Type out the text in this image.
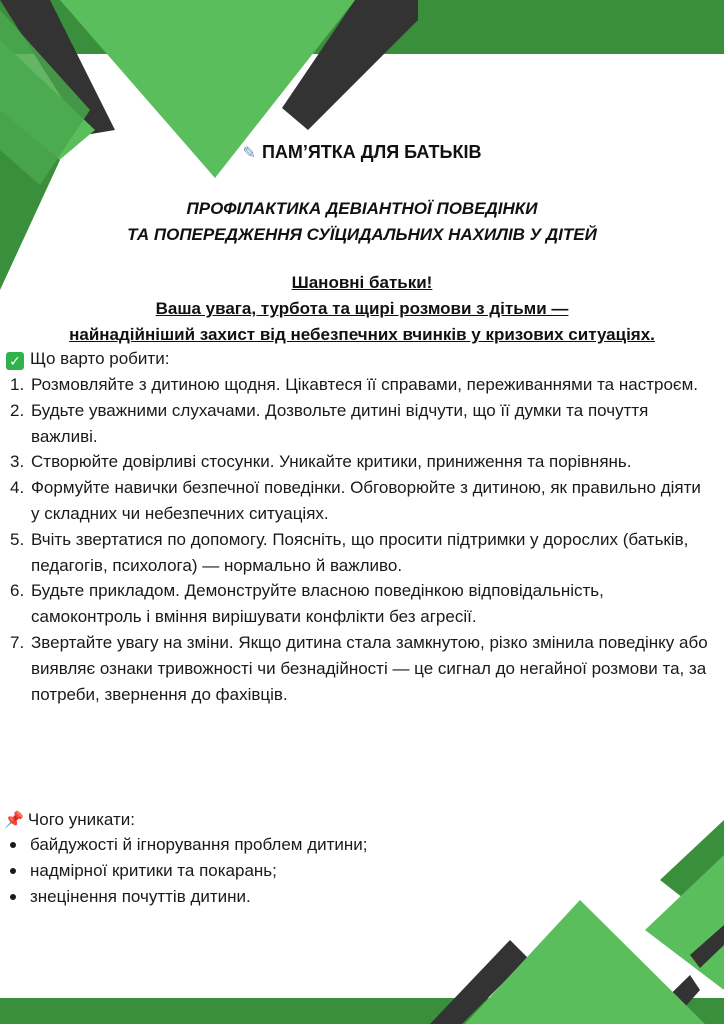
✎ ПАМ’ЯТКА ДЛЯ БАТЬКІВ
ПРОФІЛАКТИКА ДЕВІАНТНОЇ ПОВЕДІНКИ
ТА ПОПЕРЕДЖЕННЯ СУЇЦИДАЛЬНИХ НАХИЛІВ У ДІТЕЙ
Шановні батьки!
Ваша увага, турбота та щирі розмови з дітьми —
найнадійніший захист від небезпечних вчинків у кризових ситуаціях.
✓ Що варто робити:
1. Розмовляйте з дитиною щодня. Цікавтеся її справами, переживаннями та настроєм.
2. Будьте уважними слухачами. Дозвольте дитині відчути, що її думки та почуття важливі.
3. Створюйте довірливі стосунки. Уникайте критики, приниження та порівнянь.
4. Формуйте навички безпечної поведінки. Обговорюйте з дитиною, як правильно діяти у складних чи небезпечних ситуаціях.
5. Вчіть звертатися по допомогу. Поясніть, що просити підтримки у дорослих (батьків, педагогів, психолога) — нормально й важливо.
6. Будьте прикладом. Демонструйте власною поведінкою відповідальність, самоконтроль і вміння вирішувати конфлікти без агресії.
7. Звертайте увагу на зміни. Якщо дитина стала замкнутою, різко змінила поведінку або виявляє ознаки тривожності чи безнадійності — це сигнал до негайної розмови та, за потреби, звернення до фахівців.
📌 Чого уникати:
байдужості й ігнорування проблем дитини;
надмірної критики та покарань;
знецінення почуттів дитини.
